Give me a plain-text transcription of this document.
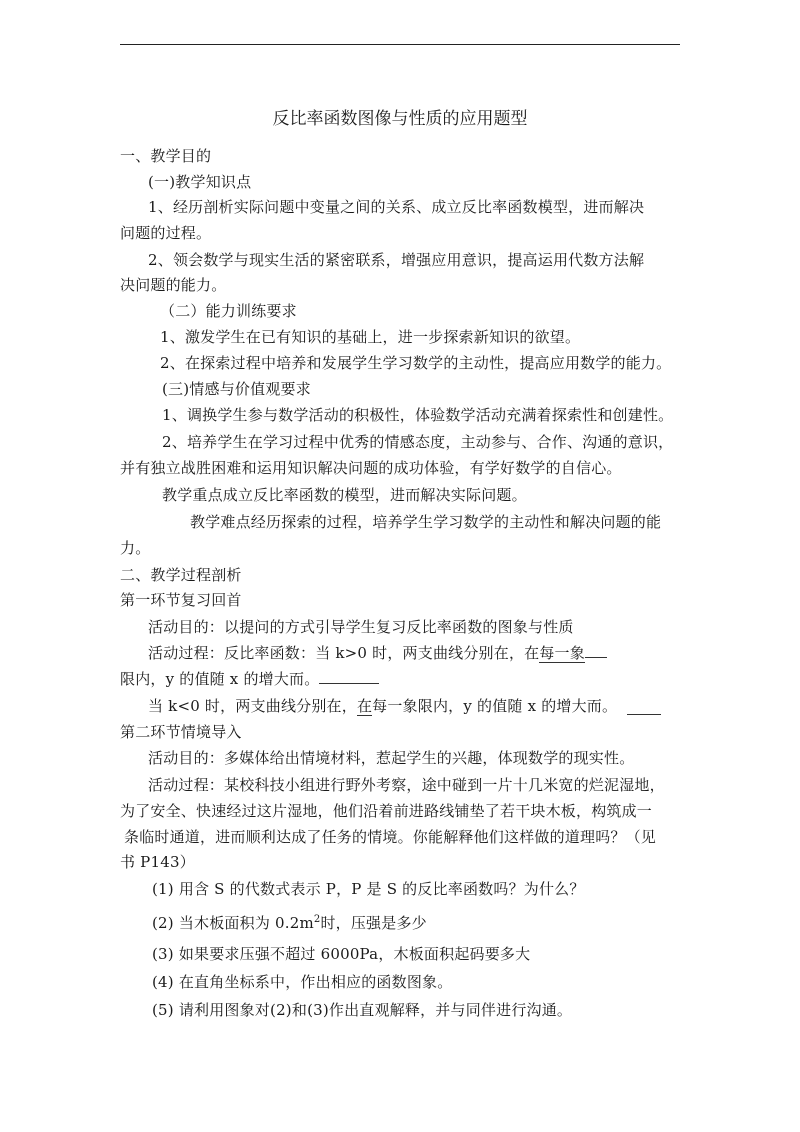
反比率函数图像与性质的应用题型
一、教学目的
(一)教学知识点
1、经历剖析实际问题中变量之间的关系、成立反比率函数模型，进而解决
问题的过程。
2、领会数学与现实生活的紧密联系，增强应用意识，提高运用代数方法解
决问题的能力。
（二）能力训练要求
1、激发学生在已有知识的基础上，进一步探索新知识的欲望。
2、在探索过程中培养和发展学生学习数学的主动性，提高应用数学的能力。
(三)情感与价值观要求
1、调换学生参与数学活动的积极性，体验数学活动充满着探索性和创建性。
2、培养学生在学习过程中优秀的情感态度，主动参与、合作、沟通的意识，
并有独立战胜困难和运用知识解决问题的成功体验，有学好数学的自信心。
教学重点成立反比率函数的模型，进而解决实际问题。
教学难点经历探索的过程，培养学生学习数学的主动性和解决问题的能
力。
二、教学过程剖析
第一环节复习回首
活动目的：以提问的方式引导学生复习反比率函数的图象与性质
活动过程：反比率函数：当 k>0 时，两支曲线分别在，在每一象
限内，y 的值随 x 的增大而。
当 k<0 时，两支曲线分别在，在每一象限内，y 的值随 x 的增大而。
第二环节情境导入
活动目的：多媒体给出情境材料，惹起学生的兴趣，体现数学的现实性。
活动过程：某校科技小组进行野外考察，途中碰到一片十几米宽的烂泥湿地，
为了安全、快速经过这片湿地，他们沿着前进路线铺垫了若干块木板，构筑成一
条临时通道，进而顺利达成了任务的情境。你能解释他们这样做的道理吗？（见
书 P143）
(1) 用含 S 的代数式表示 P，P 是 S 的反比率函数吗？为什么？
(2) 当木板面积为 $0.2m^2$时，压强是多少
(3) 如果要求压强不超过 6000Pa，木板面积起码要多大
(4) 在直角坐标系中，作出相应的函数图象。
(5) 请利用图象对(2)和(3)作出直观解释，并与同伴进行沟通。
